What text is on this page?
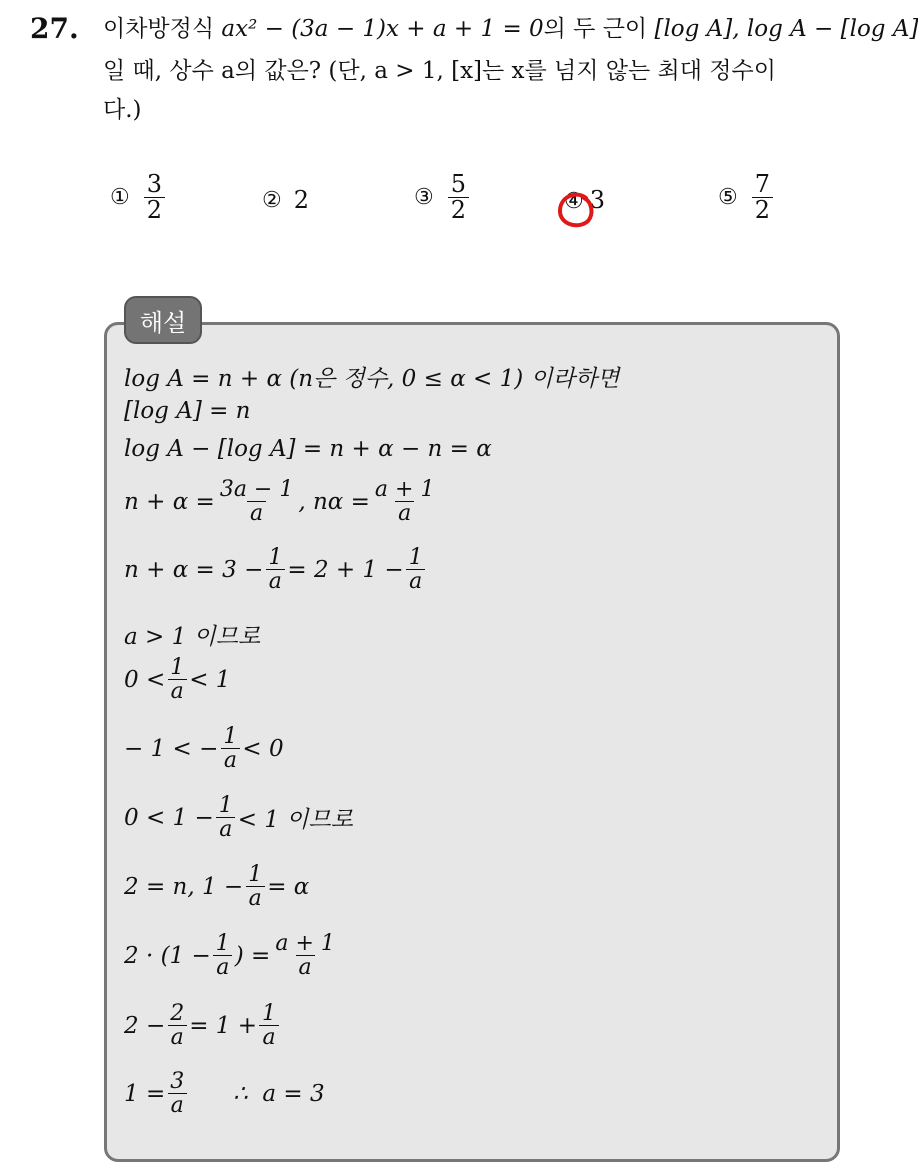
27. 이차방정식 ax² − (3a − 1)x + a + 1 = 0의 두 근이 [log A], log A − [log A]
일 때, 상수 a의 값은? (단, a > 1, [x]는 x를 넘지 않는 최대 정수이
다.)
① $\frac{3}{2}$	② 2	③ $\frac{5}{2}$	④ 3	⑤ $\frac{7}{2}$
해설
log A = n + α (n은 정수, 0 ≤ α < 1) 이라하면
[log A] = n
log A − [log A] = n + α − n = α
$n + \alpha = \frac{3a - 1}{a}$ , $n\alpha = \frac{a + 1}{a}$
$n + \alpha = 3 - \frac{1}{a} = 2 + 1 - \frac{1}{a}$
a > 1 이므로
$0 < \frac{1}{a} < 1$
− 1 < − $\frac{1}{a} < 0$
$0 < 1 - \frac{1}{a} < 1$ 이므로
2 = n, $1 - \frac{1}{a} = \alpha$
$2 \cdot (1 - \frac{1}{a}$ ) = $\frac{a + 1}{a}$
$2 - \frac{2}{a} = 1 + \frac{1}{a}$
$1 = \frac{3}{a}$ ∴  a = 3
